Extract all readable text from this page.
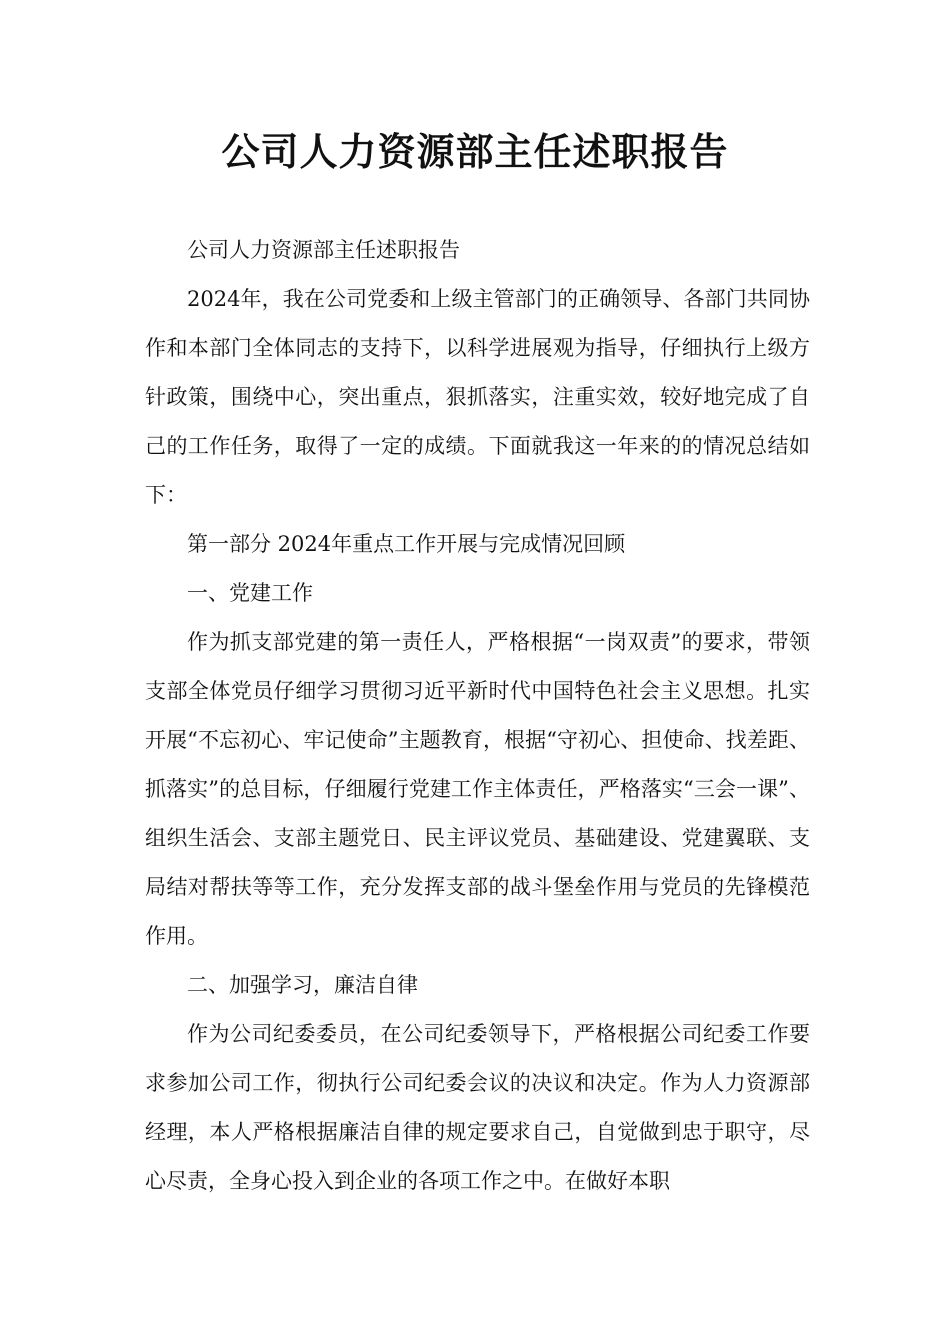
公司人力资源部主任述职报告

公司人力资源部主任述职报告

2024年，我在公司党委和上级主管部门的正确领导、各部门共同协作和本部门全体同志的支持下，以科学进展观为指导，仔细执行上级方针政策，围绕中心，突出重点，狠抓落实，注重实效，较好地完成了自己的工作任务，取得了一定的成绩。下面就我这一年来的的情况总结如下：

第一部分 2024年重点工作开展与完成情况回顾

一、党建工作

作为抓支部党建的第一责任人，严格根据“一岗双责”的要求，带领支部全体党员仔细学习贯彻习近平新时代中国特色社会主义思想。扎实开展“不忘初心、牢记使命”主题教育，根据“守初心、担使命、找差距、抓落实”的总目标，仔细履行党建工作主体责任，严格落实“三会一课”、组织生活会、支部主题党日、民主评议党员、基础建设、党建翼联、支局结对帮扶等等工作，充分发挥支部的战斗堡垒作用与党员的先锋模范作用。

二、加强学习，廉洁自律

作为公司纪委委员，在公司纪委领导下，严格根据公司纪委工作要求参加公司工作，彻执行公司纪委会议的决议和决定。作为人力资源部经理，本人严格根据廉洁自律的规定要求自己，自觉做到忠于职守，尽心尽责，全身心投入到企业的各项工作之中。在做好本职
